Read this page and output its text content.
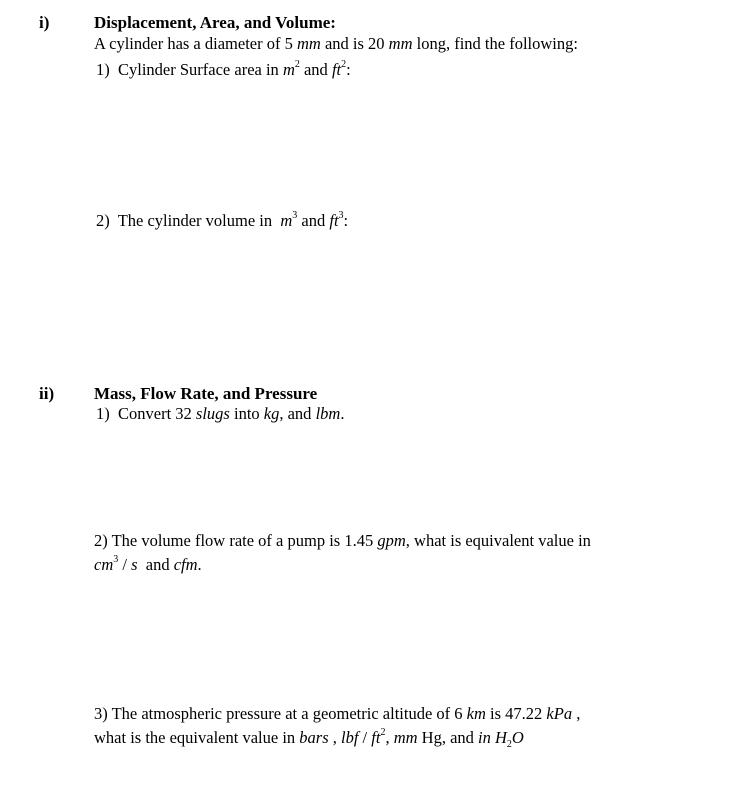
i)	Displacement, Area, and Volume:
A cylinder has a diameter of 5 mm and is 20 mm long, find the following:
1) Cylinder Surface area in $m^2$ and $ft^2$:
2) The cylinder volume in $m^3$ and $ft^3$:
ii) Mass, Flow Rate, and Pressure
1) Convert 32 slugs into kg, and lbm.
2) The volume flow rate of a pump is 1.45 gpm, what is equivalent value in
$cm^3$ / s and cfm.
3) The atmospheric pressure at a geometric altitude of 6 km is 47.22 kPa ,
what is the equivalent value in bars , lbf / $ft^2$, mm Hg, and in $H_2O$
